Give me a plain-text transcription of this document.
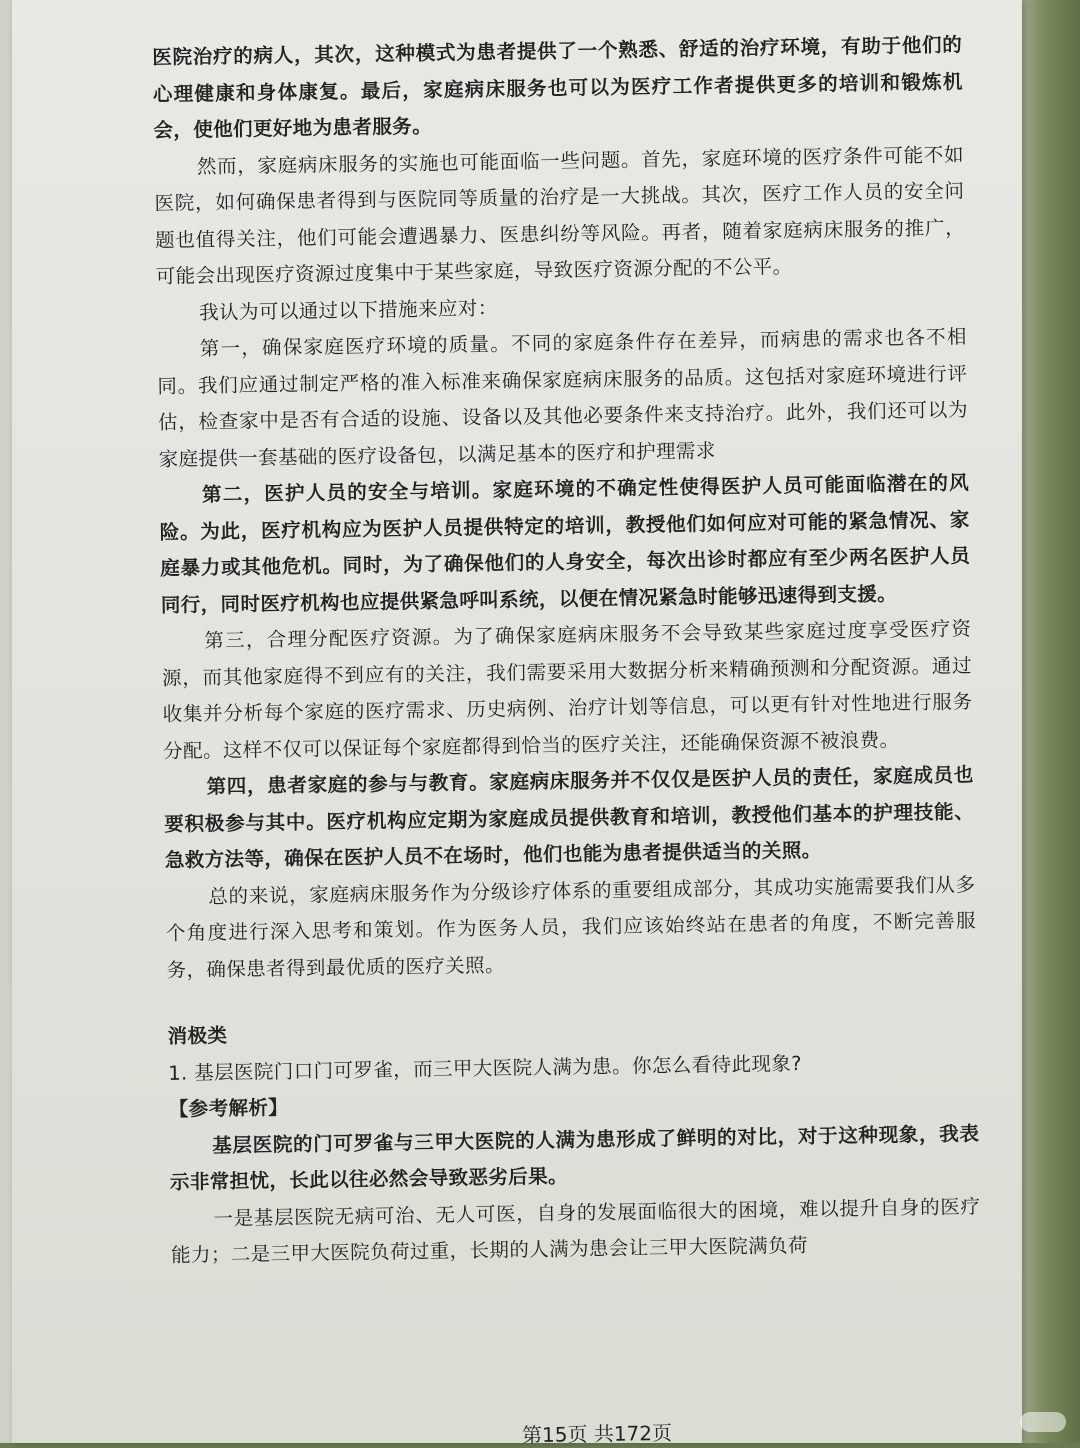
医院治疗的病人，其次，这种模式为患者提供了一个熟悉、舒适的治疗环境，有助于他们的心理健康和身体康复。最后，家庭病床服务也可以为医疗工作者提供更多的培训和锻炼机会，使他们更好地为患者服务。

然而，家庭病床服务的实施也可能面临一些问题。首先，家庭环境的医疗条件可能不如医院，如何确保患者得到与医院同等质量的治疗是一大挑战。其次，医疗工作人员的安全问题也值得关注，他们可能会遭遇暴力、医患纠纷等风险。再者，随着家庭病床服务的推广，可能会出现医疗资源过度集中于某些家庭，导致医疗资源分配的不公平。

我认为可以通过以下措施来应对：

第一，确保家庭医疗环境的质量。不同的家庭条件存在差异，而病患的需求也各不相同。我们应通过制定严格的准入标准来确保家庭病床服务的品质。这包括对家庭环境进行评估，检查家中是否有合适的设施、设备以及其他必要条件来支持治疗。此外，我们还可以为家庭提供一套基础的医疗设备包，以满足基本的医疗和护理需求

第二，医护人员的安全与培训。家庭环境的不确定性使得医护人员可能面临潜在的风险。为此，医疗机构应为医护人员提供特定的培训，教授他们如何应对可能的紧急情况、家庭暴力或其他危机。同时，为了确保他们的人身安全，每次出诊时都应有至少两名医护人员同行，同时医疗机构也应提供紧急呼叫系统，以便在情况紧急时能够迅速得到支援。

第三，合理分配医疗资源。为了确保家庭病床服务不会导致某些家庭过度享受医疗资源，而其他家庭得不到应有的关注，我们需要采用大数据分析来精确预测和分配资源。通过收集并分析每个家庭的医疗需求、历史病例、治疗计划等信息，可以更有针对性地进行服务分配。这样不仅可以保证每个家庭都得到恰当的医疗关注，还能确保资源不被浪费。

第四，患者家庭的参与与教育。家庭病床服务并不仅仅是医护人员的责任，家庭成员也要积极参与其中。医疗机构应定期为家庭成员提供教育和培训，教授他们基本的护理技能、急救方法等，确保在医护人员不在场时，他们也能为患者提供适当的关照。

总的来说，家庭病床服务作为分级诊疗体系的重要组成部分，其成功实施需要我们从多个角度进行深入思考和策划。作为医务人员，我们应该始终站在患者的角度，不断完善服务，确保患者得到最优质的医疗关照。

消极类

1. 基层医院门口门可罗雀，而三甲大医院人满为患。你怎么看待此现象?

【参考解析】

基层医院的门可罗雀与三甲大医院的人满为患形成了鲜明的对比，对于这种现象，我表示非常担忧，长此以往必然会导致恶劣后果。

一是基层医院无病可治、无人可医，自身的发展面临很大的困境，难以提升自身的医疗能力；二是三甲大医院负荷过重，长期的人满为患会让三甲大医院满负荷

第15页 共172页
